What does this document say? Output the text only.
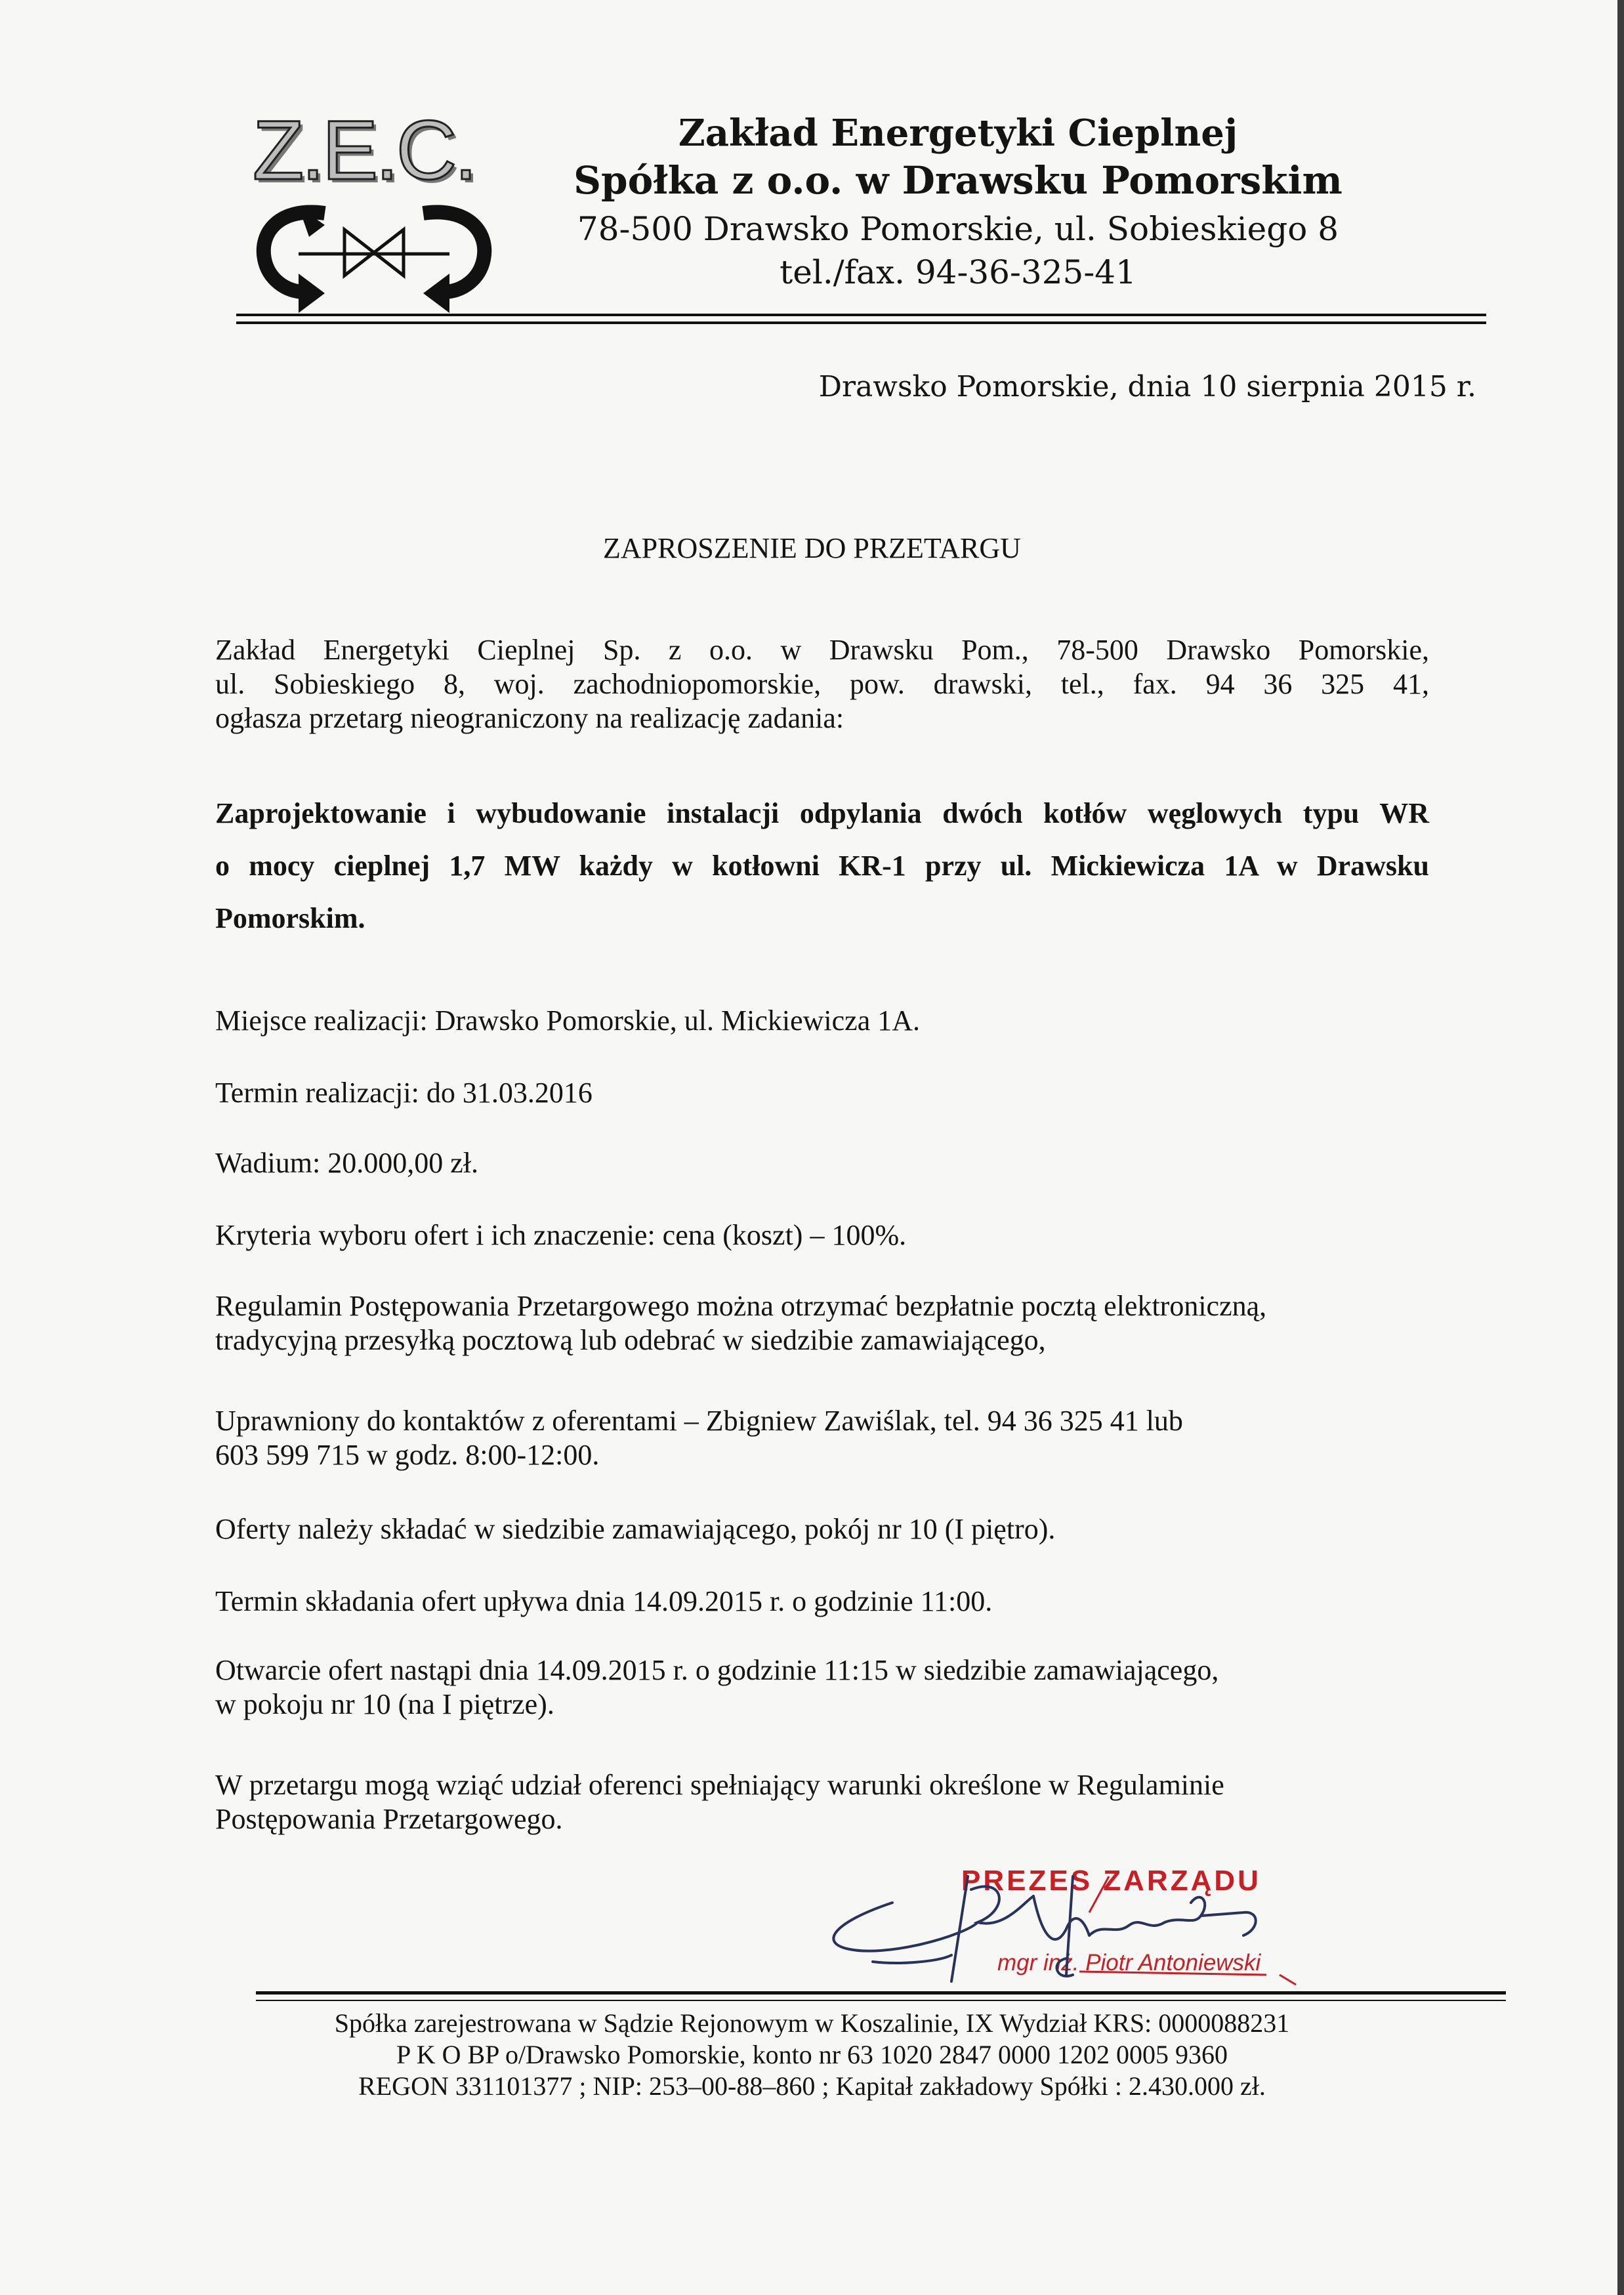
Z.E.C.	Zakład Energetyki Cieplnej
Spółka z o.o. w Drawsku Pomorskim
78-500 Drawsko Pomorskie, ul. Sobieskiego 8
tel./fax. 94-36-325-41
Drawsko Pomorskie, dnia 10 sierpnia 2015 r.
ZAPROSZENIE DO PRZETARGU
Zakład Energetyki Cieplnej Sp. z o.o. w Drawsku Pom., 78-500 Drawsko Pomorskie,
ul. Sobieskiego 8, woj. zachodniopomorskie, pow. drawski, tel., fax. 94 36 325 41,
ogłasza przetarg nieograniczony na realizację zadania:
Zaprojektowanie i wybudowanie instalacji odpylania dwóch kotłów węglowych typu WR
o mocy cieplnej 1,7 MW każdy w kotłowni KR-1 przy ul. Mickiewicza 1A w Drawsku
Pomorskim.
Miejsce realizacji: Drawsko Pomorskie, ul. Mickiewicza 1A.
Termin realizacji: do 31.03.2016
Wadium: 20.000,00 zł.
Kryteria wyboru ofert i ich znaczenie: cena (koszt) – 100%.
Regulamin Postępowania Przetargowego można otrzymać bezpłatnie pocztą elektroniczną,
tradycyjną przesyłką pocztową lub odebrać w siedzibie zamawiającego,
Uprawniony do kontaktów z oferentami – Zbigniew Zawiślak, tel. 94 36 325 41 lub
603 599 715 w godz. 8:00-12:00.
Oferty należy składać w siedzibie zamawiającego, pokój nr 10 (I piętro).
Termin składania ofert upływa dnia 14.09.2015 r. o godzinie 11:00.
Otwarcie ofert nastąpi dnia 14.09.2015 r. o godzinie 11:15 w siedzibie zamawiającego,
w pokoju nr 10 (na I piętrze).
W przetargu mogą wziąć udział oferenci spełniający warunki określone w Regulaminie
Postępowania Przetargowego.
PREZES ZARZĄDU
mgr inż. Piotr Antoniewski
Spółka zarejestrowana w Sądzie Rejonowym w Koszalinie, IX Wydział KRS: 0000088231
P K O BP o/Drawsko Pomorskie, konto nr 63 1020 2847 0000 1202 0005 9360
REGON 331101377 ; NIP: 253–00-88–860 ; Kapitał zakładowy Spółki : 2.430.000 zł.
